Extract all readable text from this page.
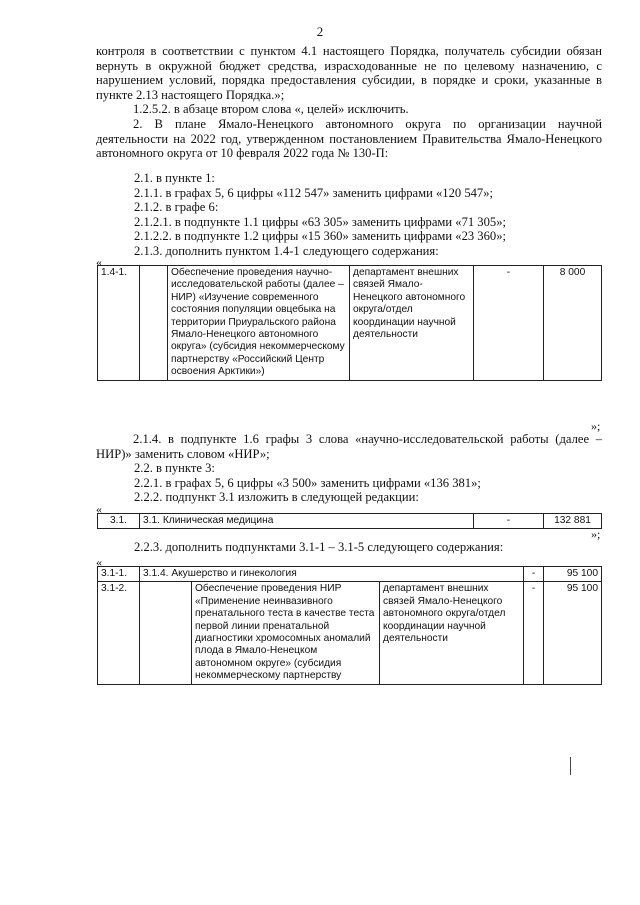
2

контроля в соответствии с пунктом 4.1 настоящего Порядка, получатель субсидии обязан вернуть в окружной бюджет средства, израсходованные не по целевому назначению, с нарушением условий, порядка предоставления субсидии, в порядке и сроки, указанные в пункте 2.13 настоящего Порядка.»;

1.2.5.2. в абзаце втором слова «, целей» исключить.

2. В плане Ямало-Ненецкого автономного округа по организации научной деятельности на 2022 год, утвержденном постановлением Правительства Ямало-Ненецкого автономного округа от 10 февраля 2022 года № 130-П:

2.1. в пункте 1:
2.1.1. в графах 5, 6 цифры «112 547» заменить цифрами «120 547»;
2.1.2. в графе 6:
2.1.2.1. в подпункте 1.1 цифры «63 305» заменить цифрами «71 305»;
2.1.2.2. в подпункте 1.2 цифры «15 360» заменить цифрами «23 360»;
2.1.3. дополнить пунктом 1.4-1 следующего содержания:
«
1.4-1.		Обеспечение проведения научно-исследовательской работы (далее – НИР) «Изучение современного состояния популяции овцебыка на территории Приуральского района Ямало-Ненецкого автономного округа» (субсидия некоммерческому партнерству «Российский Центр освоения Арктики»)	департамент внешних связей Ямало-Ненецкого автономного округа/отдел координации научной деятельности	-	8 000
»;

2.1.4. в подпункте 1.6 графы 3 слова «научно-исследовательской работы (далее – НИР)» заменить словом «НИР»;

2.2. в пункте 3:
2.2.1. в графах 5, 6 цифры «3 500» заменить цифрами «136 381»;
2.2.2. подпункт 3.1 изложить в следующей редакции:
«
3.1.	3.1. Клиническая медицина	-	132 881
»;
2.2.3. дополнить подпунктами 3.1-1 – 3.1-5 следующего содержания:
«
3.1-1.	3.1.4. Акушерство и гинекология			-	95 100
3.1-2.		Обеспечение проведения НИР «Применение неинвазивного пренатального теста в качестве теста первой линии пренатальной диагностики хромосомных аномалий плода в Ямало-Ненецком автономном округе» (субсидия некоммерческому партнерству	департамент внешних связей Ямало-Ненецкого автономного округа/отдел координации научной деятельности	-	95 100
